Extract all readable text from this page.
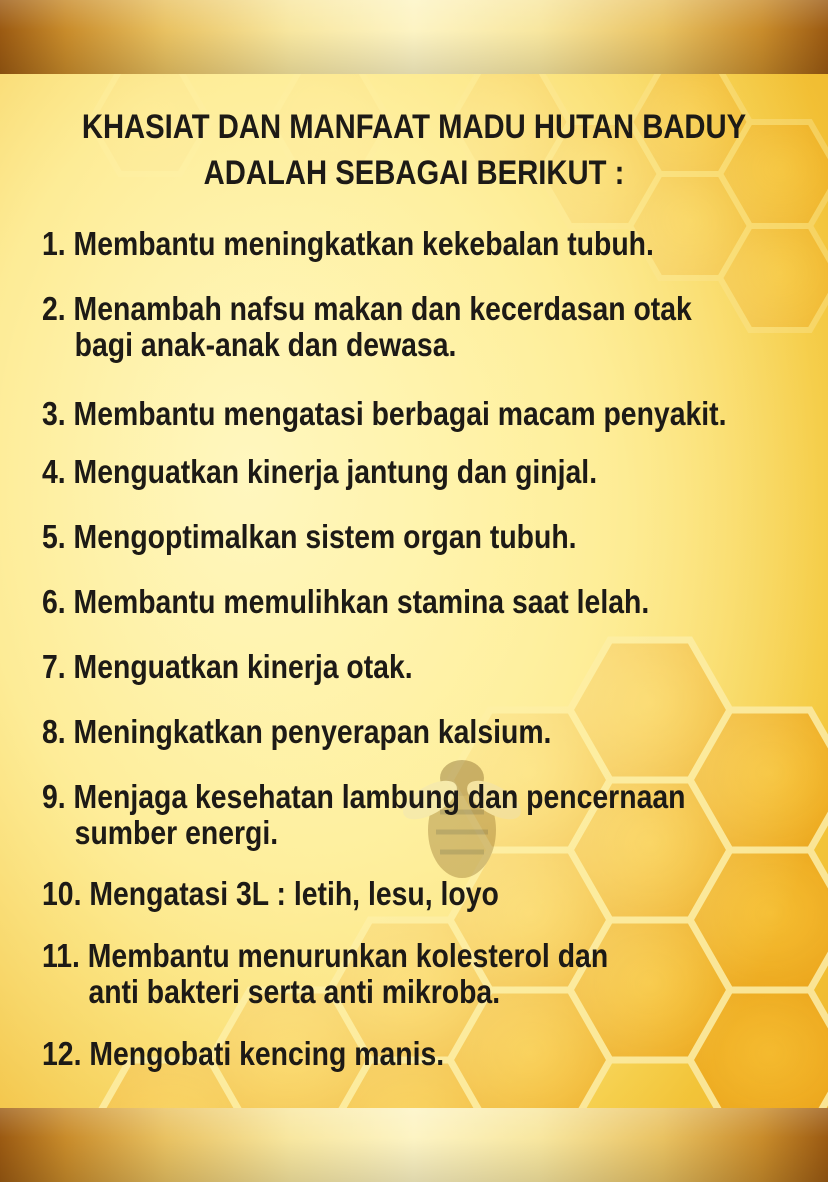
KHASIAT DAN MANFAAT MADU HUTAN BADUY
ADALAH SEBAGAI BERIKUT :
1. Membantu meningkatkan kekebalan tubuh.
2. Menambah nafsu makan dan kecerdasan otak
bagi anak-anak dan dewasa.
3. Membantu mengatasi berbagai macam penyakit.
4. Menguatkan kinerja jantung dan ginjal.
5. Mengoptimalkan sistem organ tubuh.
6. Membantu memulihkan stamina saat lelah.
7. Menguatkan kinerja otak.
8. Meningkatkan penyerapan kalsium.
9. Menjaga kesehatan lambung dan pencernaan
sumber energi.
10. Mengatasi 3L : letih, lesu, loyo
11. Membantu menurunkan kolesterol dan
anti bakteri serta anti mikroba.
12. Mengobati kencing manis.
